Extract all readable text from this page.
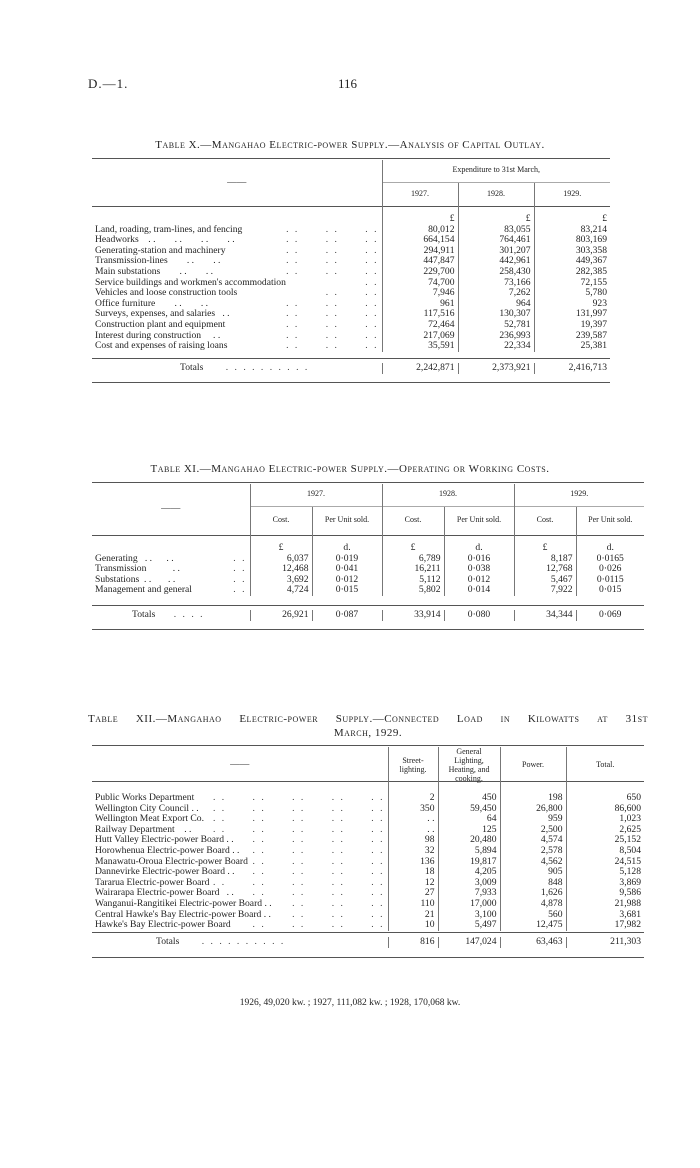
D.—1.	116
Table X.—Mangahao Electric-power Supply.—Analysis of Capital Outlay.
——	Expenditure to 31st March,		
	1927.	1928.	1929.
	£	£	£
Land, roading, tram-lines, and fencing . .      . .      . .	80,012	83,055	83,214
Headworks    . .        . .        . .        . . . .      . .      . .	664,154	764,461	803,169
Generating-station and machinery . .      . .      . .	294,911	301,207	303,358
Transmission-lines        . .        . . . .      . .      . .	447,847	442,961	449,367
Main substations        . .        . . . .      . .      . .	229,700	258,430	282,385
Service buildings and workmen's accommodation . .	74,700	73,166	72,155
Vehicles and loose construction tools . .      . .	7,946	7,262	5,780
Office furniture        . .        . . . .      . .      . .	961	964	923
Surveys, expenses, and salaries   . . . .      . .      . .	117,516	130,307	131,997
Construction plant and equipment . .      . .      . .	72,464	52,781	19,397
Interest during construction     . . . .      . .      . .	217,069	236,993	239,587
Cost and expenses of raising loans . .      . .      . .	35,591	22,334	25,381
Totals . . . . . . . . . .	2,242,871	2,373,921	2,416,713
Table XI.—Mangahao Electric-power Supply.—Operating or Working Costs.
——	1927.		1928.		1929.	
	Cost.	Per Unit sold.	Cost.	Per Unit sold.	Cost.	Per Unit sold.
	£	d.	£	d.	£	d.
Generating   . .      . . . .	6,037	0·019	6,789	0·016	8,187	0·0165
Transmission           . . . .	12,468	0·041	16,211	0·038	12,768	0·026
Substations  . .       . . . .	3,692	0·012	5,112	0·012	5,467	0·0115
Management and general . .	4,724	0·015	5,802	0·014	7,922	0·015
Totals . . . .	26,921	0·087	33,914	0·080	34,344	0·069
Table XII.—Mangahao Electric-power Supply.—Connected Load in Kilowatts at 31st
March, 1929.
——	Street-lighting.	General Lighting, Heating, and cooking.	Power.	Total.

Public Works Department . .      . .      . .      . .      . .	2	450	198	650
Wellington City Council . . . .      . .      . .      . .      . .	350	59,450	26,800	86,600
Wellington Meat Export Co. . .      . .      . .      . .      . .	. .	64	959	1,023
Railway Department    . . . .      . .      . .      . .      . .	. .	125	2,500	2,625
Hutt Valley Electric-power Board . . . .      . .      . .      . .	98	20,480	4,574	25,152
Horowhenua Electric-power Board . . . .      . .      . .      . .	32	5,894	2,578	8,504
Manawatu-Oroua Electric-power Board . .      . .      . .      . .	136	19,817	4,562	24,515
Dannevirke Electric-power Board . . . .      . .      . .      . .	18	4,205	905	5,128
Tararua Electric-power Board . .      . .      . .      . .      . .	12	3,009	848	3,869
Wairarapa Electric-power Board   . . . .      . .      . .      . .	27	7,933	1,626	9,586
Wanganui-Rangitikei Electric-power Board . . . .      . .      . .	110	17,000	4,878	21,988
Central Hawke's Bay Electric-power Board . . . .      . .      . .	21	3,100	560	3,681
Hawke's Bay Electric-power Board . .      . .      . .      . .	10	5,497	12,475	17,982
Totals . . . . . . . . . .	816	147,024	63,463	211,303
1926, 49,020 kw. ; 1927, 111,082 kw. ; 1928, 170,068 kw.
